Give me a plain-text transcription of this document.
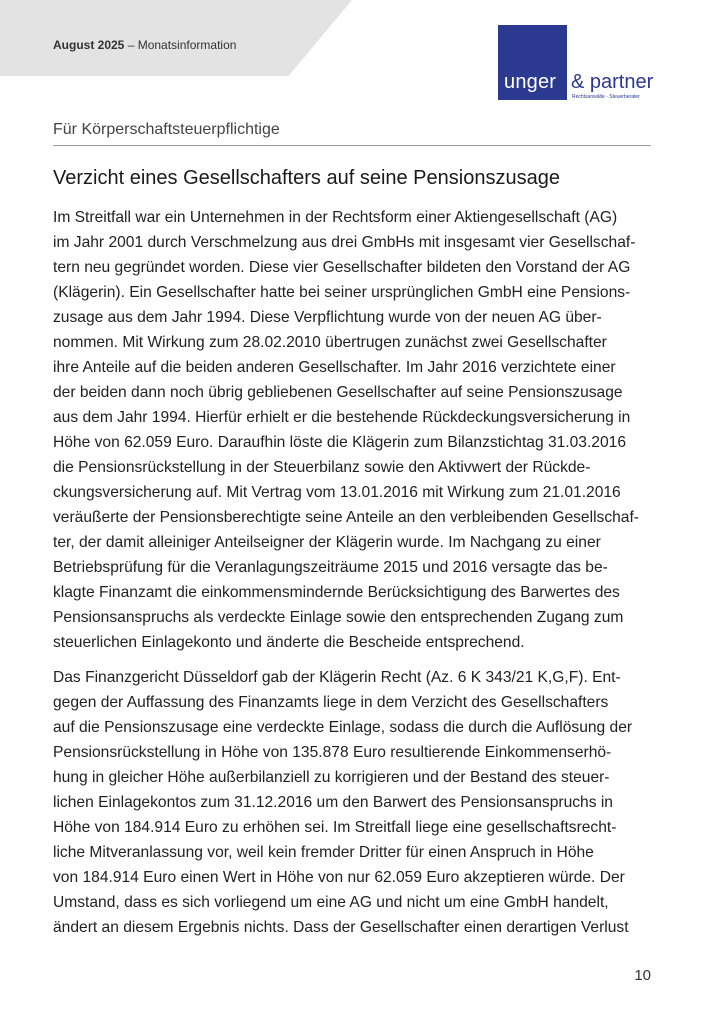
August 2025 – Monatsinformation
unger & partner
Rechtsanwälte · Steuerberater
Für Körperschaftsteuerpflichtige
Verzicht eines Gesellschafters auf seine Pensionszusage
Im Streitfall war ein Unternehmen in der Rechtsform einer Aktiengesellschaft (AG)
im Jahr 2001 durch Verschmelzung aus drei GmbHs mit insgesamt vier Gesellschaf-
tern neu gegründet worden. Diese vier Gesellschafter bildeten den Vorstand der AG
(Klägerin). Ein Gesellschafter hatte bei seiner ursprünglichen GmbH eine Pensions-
zusage aus dem Jahr 1994. Diese Verpflichtung wurde von der neuen AG über-
nommen. Mit Wirkung zum 28.02.2010 übertrugen zunächst zwei Gesellschafter
ihre Anteile auf die beiden anderen Gesellschafter. Im Jahr 2016 verzichtete einer
der beiden dann noch übrig gebliebenen Gesellschafter auf seine Pensionszusage
aus dem Jahr 1994. Hierfür erhielt er die bestehende Rückdeckungsversicherung in
Höhe von 62.059 Euro. Daraufhin löste die Klägerin zum Bilanzstichtag 31.03.2016
die Pensionsrückstellung in der Steuerbilanz sowie den Aktivwert der Rückde-
ckungsversicherung auf. Mit Vertrag vom 13.01.2016 mit Wirkung zum 21.01.2016
veräußerte der Pensionsberechtigte seine Anteile an den verbleibenden Gesellschaf-
ter, der damit alleiniger Anteilseigner der Klägerin wurde. Im Nachgang zu einer
Betriebsprüfung für die Veranlagungszeiträume 2015 und 2016 versagte das be-
klagte Finanzamt die einkommensmindernde Berücksichtigung des Barwertes des
Pensionsanspruchs als verdeckte Einlage sowie den entsprechenden Zugang zum
steuerlichen Einlagekonto und änderte die Bescheide entsprechend.
Das Finanzgericht Düsseldorf gab der Klägerin Recht (Az. 6 K 343/21 K,G,F). Ent-
gegen der Auffassung des Finanzamts liege in dem Verzicht des Gesellschafters
auf die Pensionszusage eine verdeckte Einlage, sodass die durch die Auflösung der
Pensionsrückstellung in Höhe von 135.878 Euro resultierende Einkommenserhö-
hung in gleicher Höhe außerbilanziell zu korrigieren und der Bestand des steuer-
lichen Einlagekontos zum 31.12.2016 um den Barwert des Pensionsanspruchs in
Höhe von 184.914 Euro zu erhöhen sei. Im Streitfall liege eine gesellschaftsrecht-
liche Mitveranlassung vor, weil kein fremder Dritter für einen Anspruch in Höhe
von 184.914 Euro einen Wert in Höhe von nur 62.059 Euro akzeptieren würde. Der
Umstand, dass es sich vorliegend um eine AG und nicht um eine GmbH handelt,
ändert an diesem Ergebnis nichts. Dass der Gesellschafter einen derartigen Verlust
10
